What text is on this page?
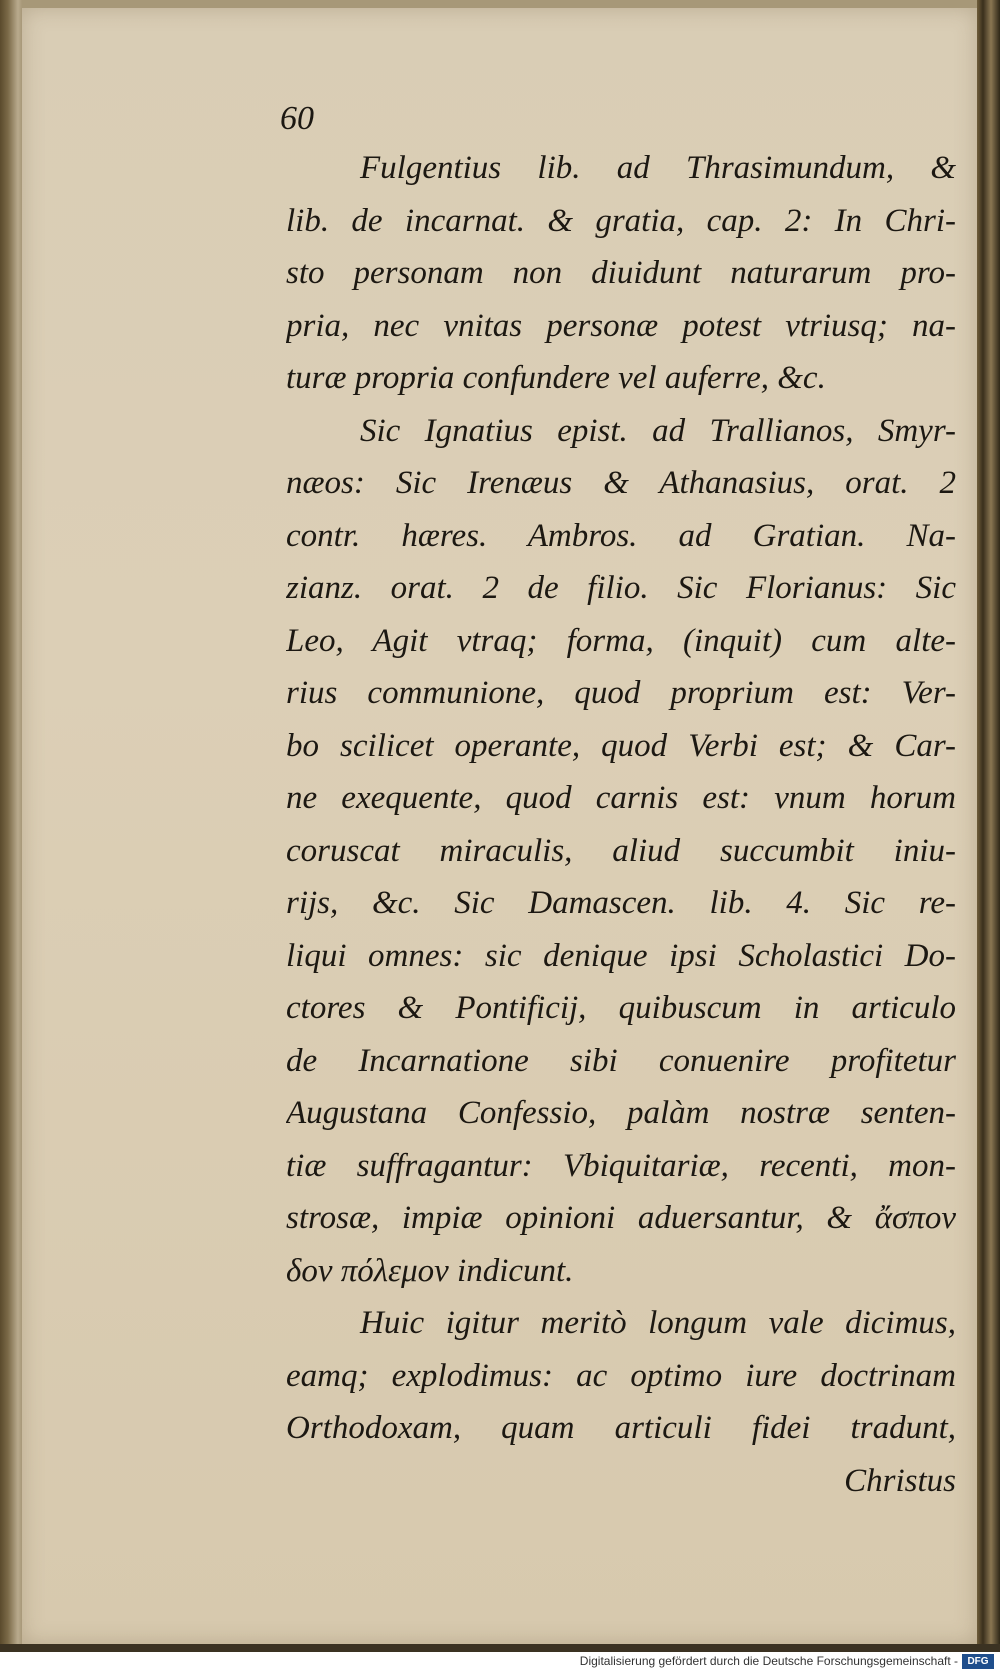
60
Fulgentius lib. ad Thrasimundum, &
lib. de incarnat. & gratia, cap. 2: In Chri-
sto personam non diuidunt naturarum pro-
pria, nec vnitas personæ potest vtriusq; na-
turæ propria confundere vel auferre, &c.
Sic Ignatius epist. ad Trallianos, Smyr-
næos: Sic Irenæus & Athanasius, orat. 2
contr. hæres. Ambros. ad Gratian. Na-
zianz. orat. 2 de filio. Sic Florianus: Sic
Leo, Agit vtraq; forma, (inquit) cum alte-
rius communione, quod proprium est: Ver-
bo scilicet operante, quod Verbi est; & Car-
ne exequente, quod carnis est: vnum horum
coruscat miraculis, aliud succumbit iniu-
rijs, &c. Sic Damascen. lib. 4. Sic re-
liqui omnes: sic denique ipsi Scholastici Do-
ctores & Pontificij, quibuscum in articulo
de Incarnatione sibi conuenire profitetur
Augustana Confessio, palàm nostræ senten-
tiæ suffragantur: Vbiquitariæ, recenti, mon-
strosæ, impiæ opinioni aduersantur, & ἄσπον
δον πόλεμον indicunt.
Huic igitur meritò longum vale dicimus,
eamq; explodimus: ac optimo iure doctrinam
Orthodoxam, quam articuli fidei tradunt,
Christus
Digitalisierung gefördert durch die Deutsche Forschungsgemeinschaft - DFG
